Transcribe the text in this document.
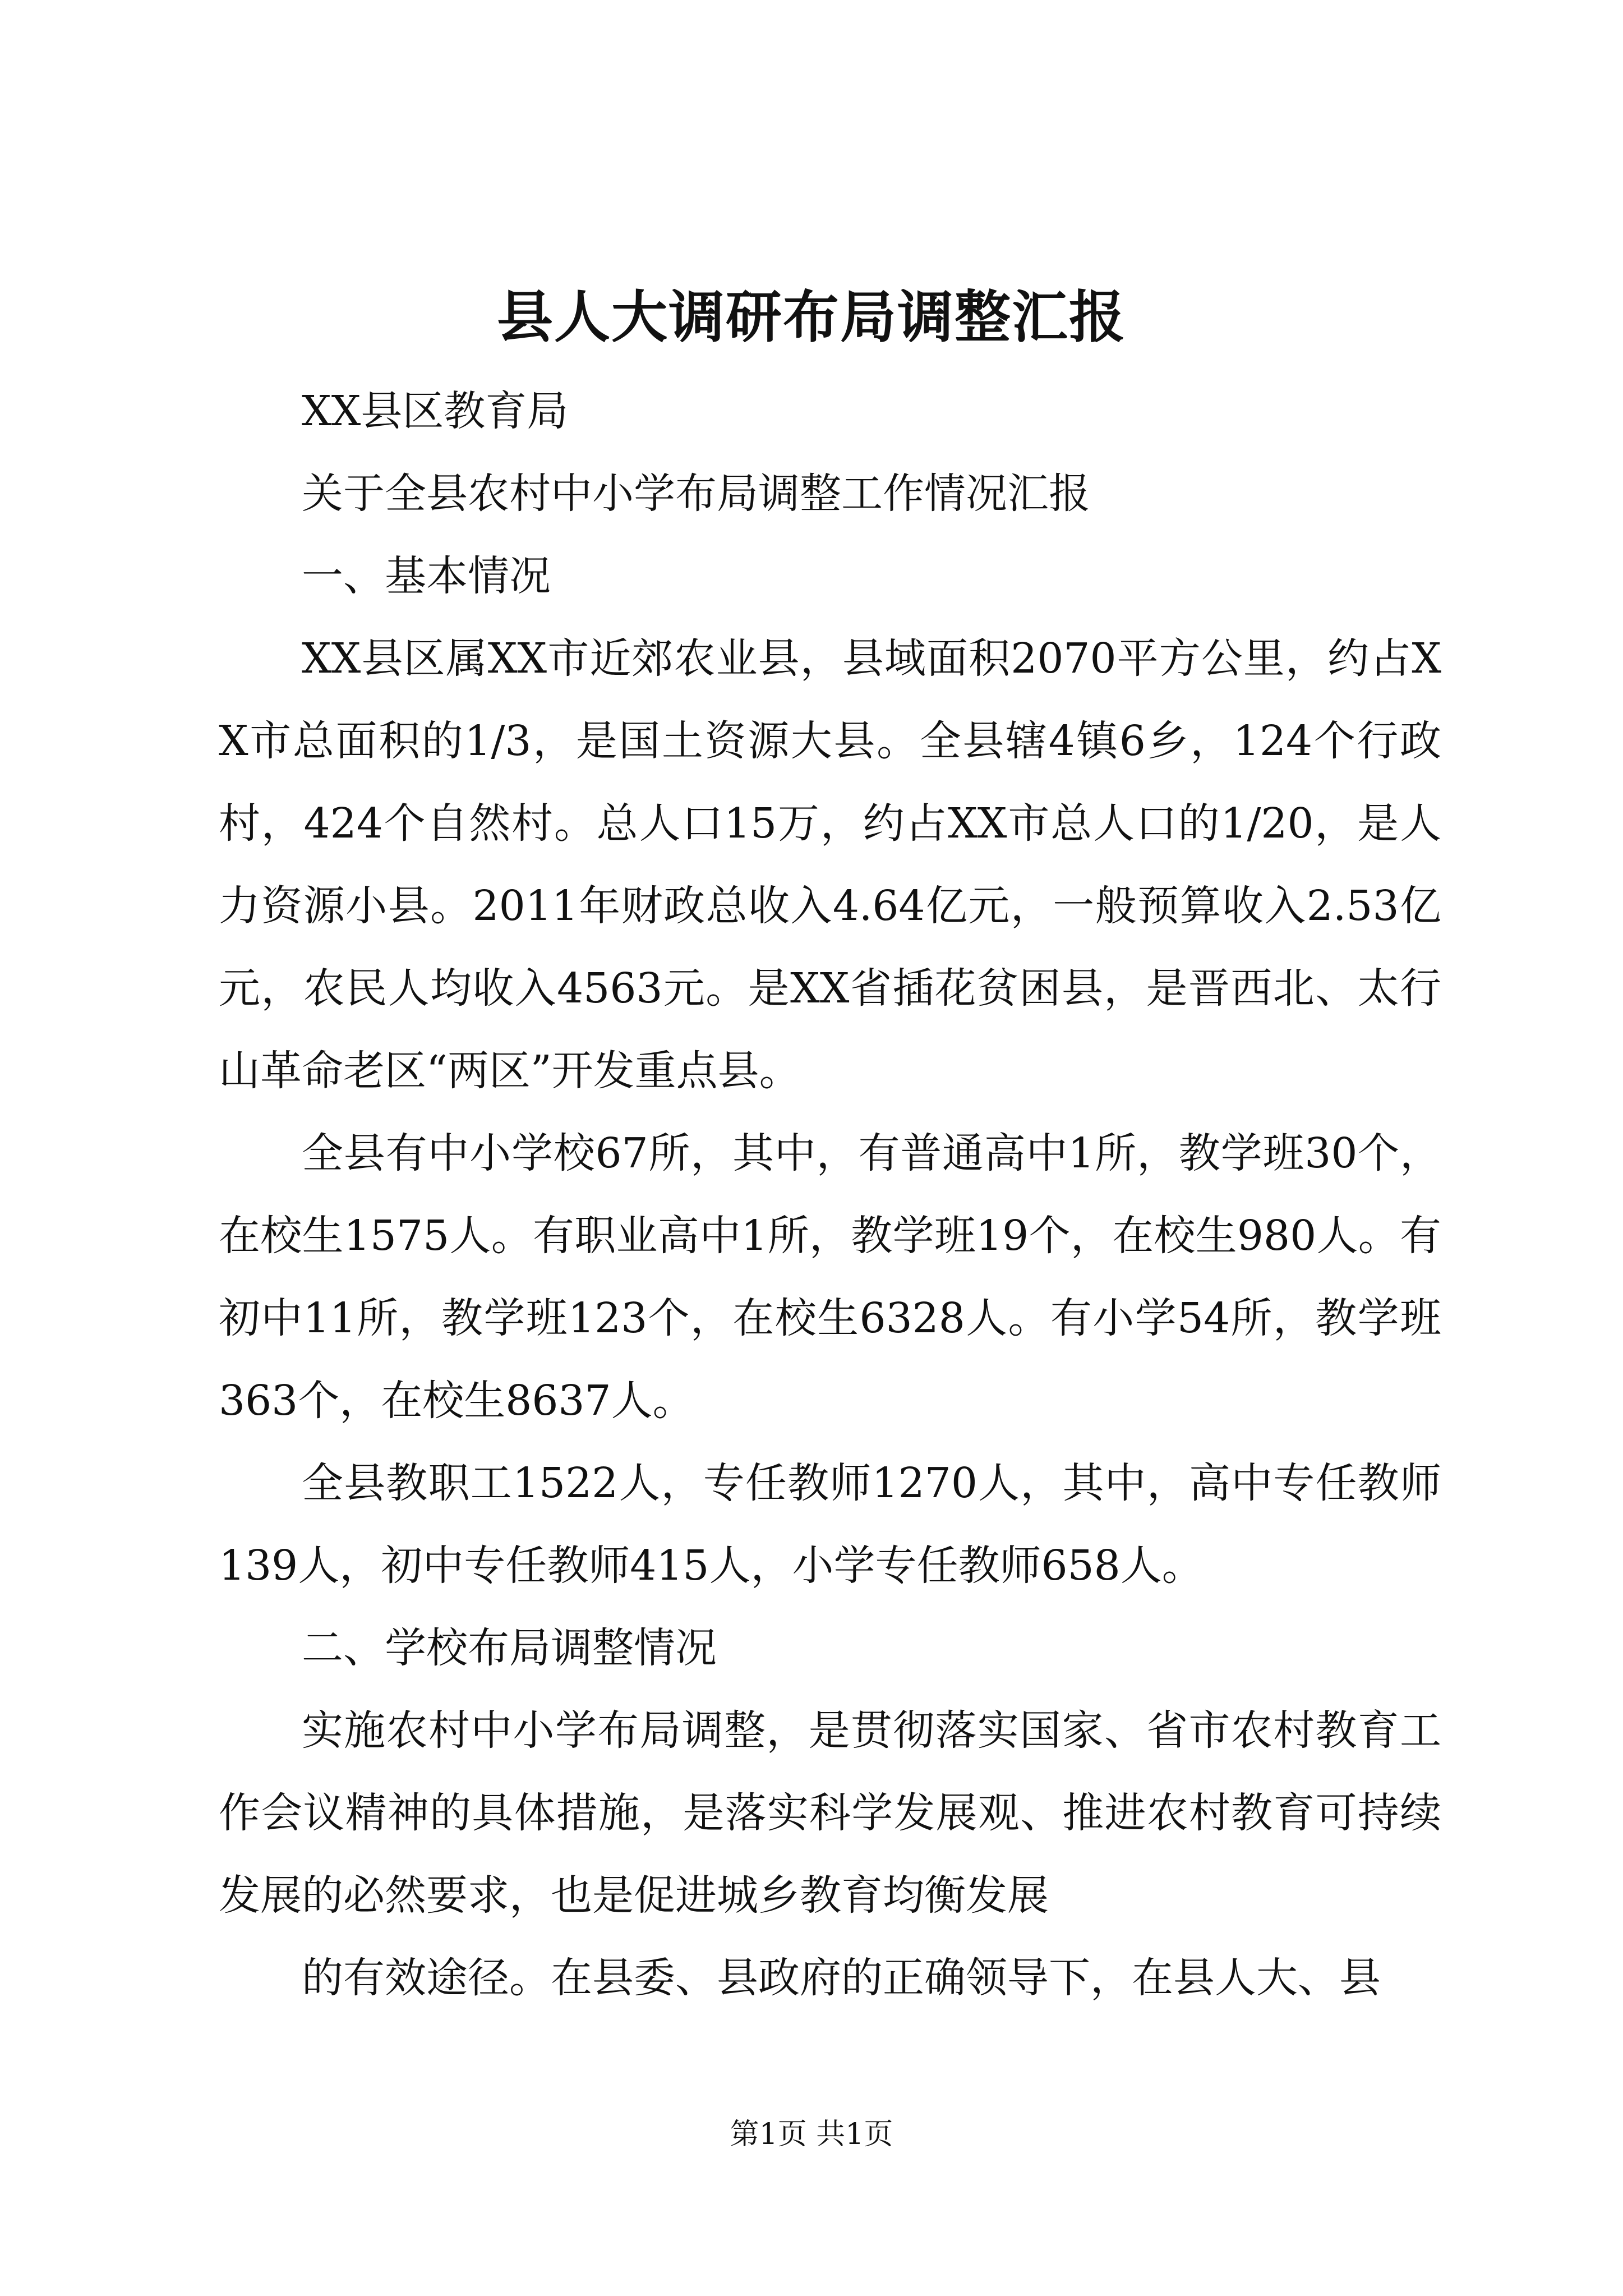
县人大调研布局调整汇报

XX县区教育局

关于全县农村中小学布局调整工作情况汇报

一、基本情况

XX县区属XX市近郊农业县，县域面积2070平方公里，约占XX市总面积的1/3，是国土资源大县。全县辖4镇6乡，124个行政村，424个自然村。总人口15万，约占XX市总人口的1/20，是人力资源小县。2011年财政总收入4.64亿元，一般预算收入2.53亿元，农民人均收入4563元。是XX省插花贫困县，是晋西北、太行山革命老区“两区”开发重点县。

全县有中小学校67所，其中，有普通高中1所，教学班30个，在校生1575人。有职业高中1所，教学班19个，在校生980人。有初中11所，教学班123个，在校生6328人。有小学54所，教学班363个，在校生8637人。

全县教职工1522人，专任教师1270人，其中，高中专任教师139人，初中专任教师415人，小学专任教师658人。

二、学校布局调整情况

实施农村中小学布局调整，是贯彻落实国家、省市农村教育工作会议精神的具体措施，是落实科学发展观、推进农村教育可持续发展的必然要求，也是促进城乡教育均衡发展

的有效途径。在县委、县政府的正确领导下，在县人大、县

第1页 共1页
